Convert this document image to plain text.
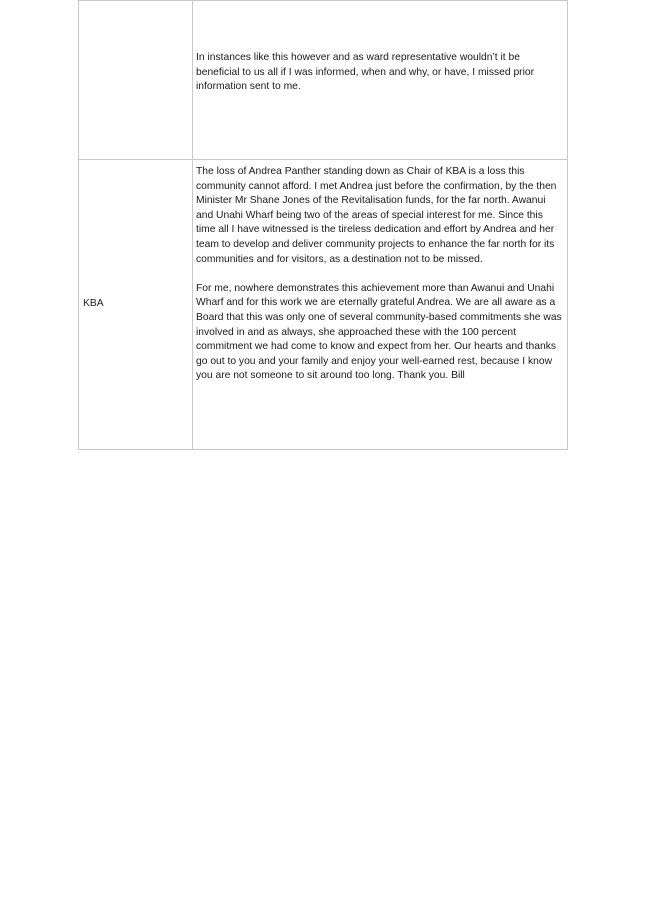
	In instances like this however and as ward representative wouldn’t it be beneficial to us all if I was informed, when and why, or have, I missed prior information sent to me.

KBA	The loss of Andrea Panther standing down as Chair of KBA is a loss this community cannot afford. I met Andrea just before the confirmation, by the then Minister Mr Shane Jones of the Revitalisation funds, for the far north. Awanui and Unahi Wharf being two of the areas of special interest for me. Since this time all I have witnessed is the tireless dedication and effort by Andrea and her team to develop and deliver community projects to enhance the far north for its communities and for visitors, as a destination not to be missed.

For me, nowhere demonstrates this achievement more than Awanui and Unahi Wharf and for this work we are eternally grateful Andrea. We are all aware as a Board that this was only one of several community-based commitments she was involved in and as always, she approached these with the 100 percent commitment we had come to know and expect from her. Our hearts and thanks go out to you and your family and enjoy your well-earned rest, because I know you are not someone to sit around too long. Thank you. Bill
